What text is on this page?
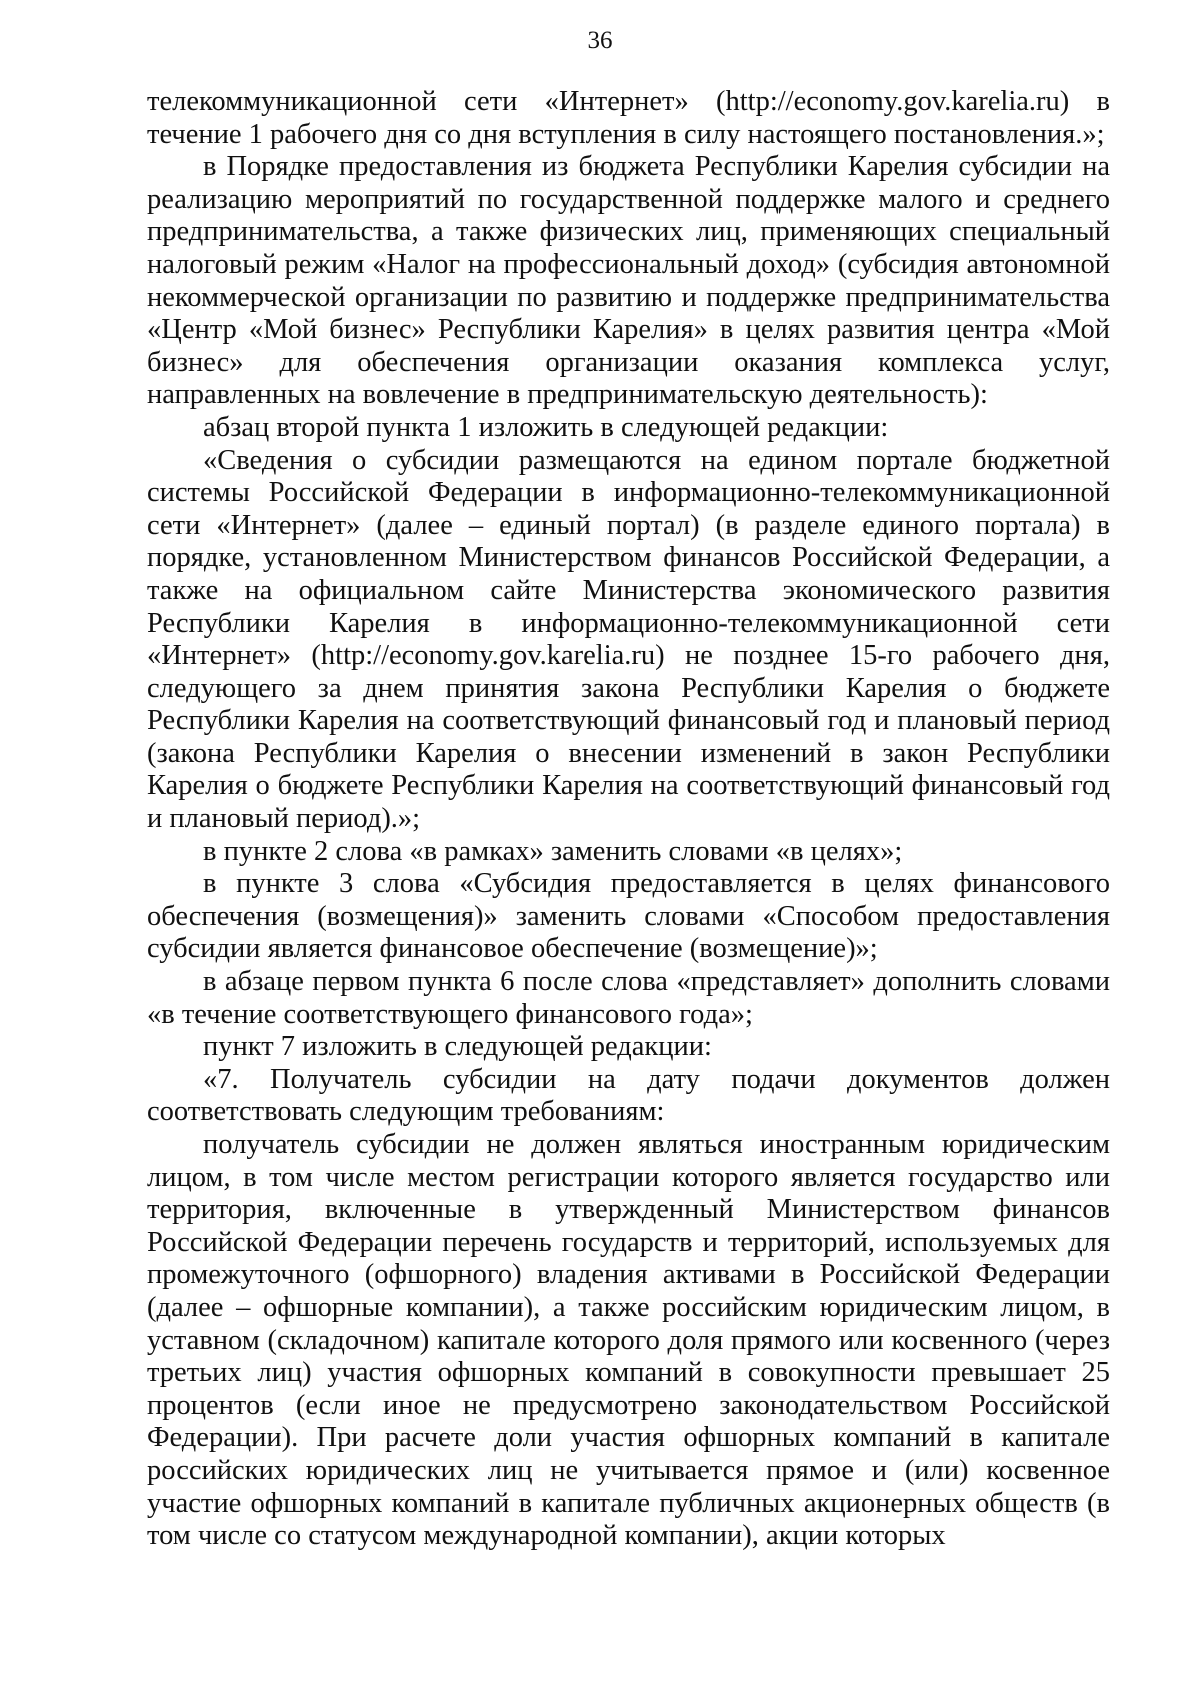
36

телекоммуникационной сети «Интернет» (http://economy.gov.karelia.ru) в течение 1 рабочего дня со дня вступления в силу настоящего постановления.»;

в Порядке предоставления из бюджета Республики Карелия субсидии на реализацию мероприятий по государственной поддержке малого и среднего предпринимательства, а также физических лиц, применяющих специальный налоговый режим «Налог на профессиональный доход» (субсидия автономной некоммерческой организации по развитию и поддержке предпринимательства «Центр «Мой бизнес» Республики Карелия» в целях развития центра «Мой бизнес» для обеспечения организации оказания комплекса услуг, направленных на вовлечение в предпринимательскую деятельность):

абзац второй пункта 1 изложить в следующей редакции:

«Сведения о субсидии размещаются на едином портале бюджетной системы Российской Федерации в информационно-телекоммуникационной сети «Интернет» (далее – единый портал) (в разделе единого портала) в порядке, установленном Министерством финансов Российской Федерации, а также на официальном сайте Министерства экономического развития Республики Карелия в информационно-телекоммуникационной сети «Интернет» (http://economy.gov.karelia.ru) не позднее 15-го рабочего дня, следующего за днем принятия закона Республики Карелия о бюджете Республики Карелия на соответствующий финансовый год и плановый период (закона Республики Карелия о внесении изменений в закон Республики Карелия о бюджете Республики Карелия на соответствующий финансовый год и плановый период).»;

в пункте 2 слова «в рамках» заменить словами «в целях»;

в пункте 3 слова «Субсидия предоставляется в целях финансового обеспечения (возмещения)» заменить словами «Способом предоставления субсидии является финансовое обеспечение (возмещение)»;

в абзаце первом пункта 6 после слова «представляет» дополнить словами «в течение соответствующего финансового года»;

пункт 7 изложить в следующей редакции:

«7. Получатель субсидии на дату подачи документов должен соответствовать следующим требованиям:

получатель субсидии не должен являться иностранным юридическим лицом, в том числе местом регистрации которого является государство или территория, включенные в утвержденный Министерством финансов Российской Федерации перечень государств и территорий, используемых для промежуточного (офшорного) владения активами в Российской Федерации (далее – офшорные компании), а также российским юридическим лицом, в уставном (складочном) капитале которого доля прямого или косвенного (через третьих лиц) участия офшорных компаний в совокупности превышает 25 процентов (если иное не предусмотрено законодательством Российской Федерации). При расчете доли участия офшорных компаний в капитале российских юридических лиц не учитывается прямое и (или) косвенное участие офшорных компаний в капитале публичных акционерных обществ (в том числе со статусом международной компании), акции которых
